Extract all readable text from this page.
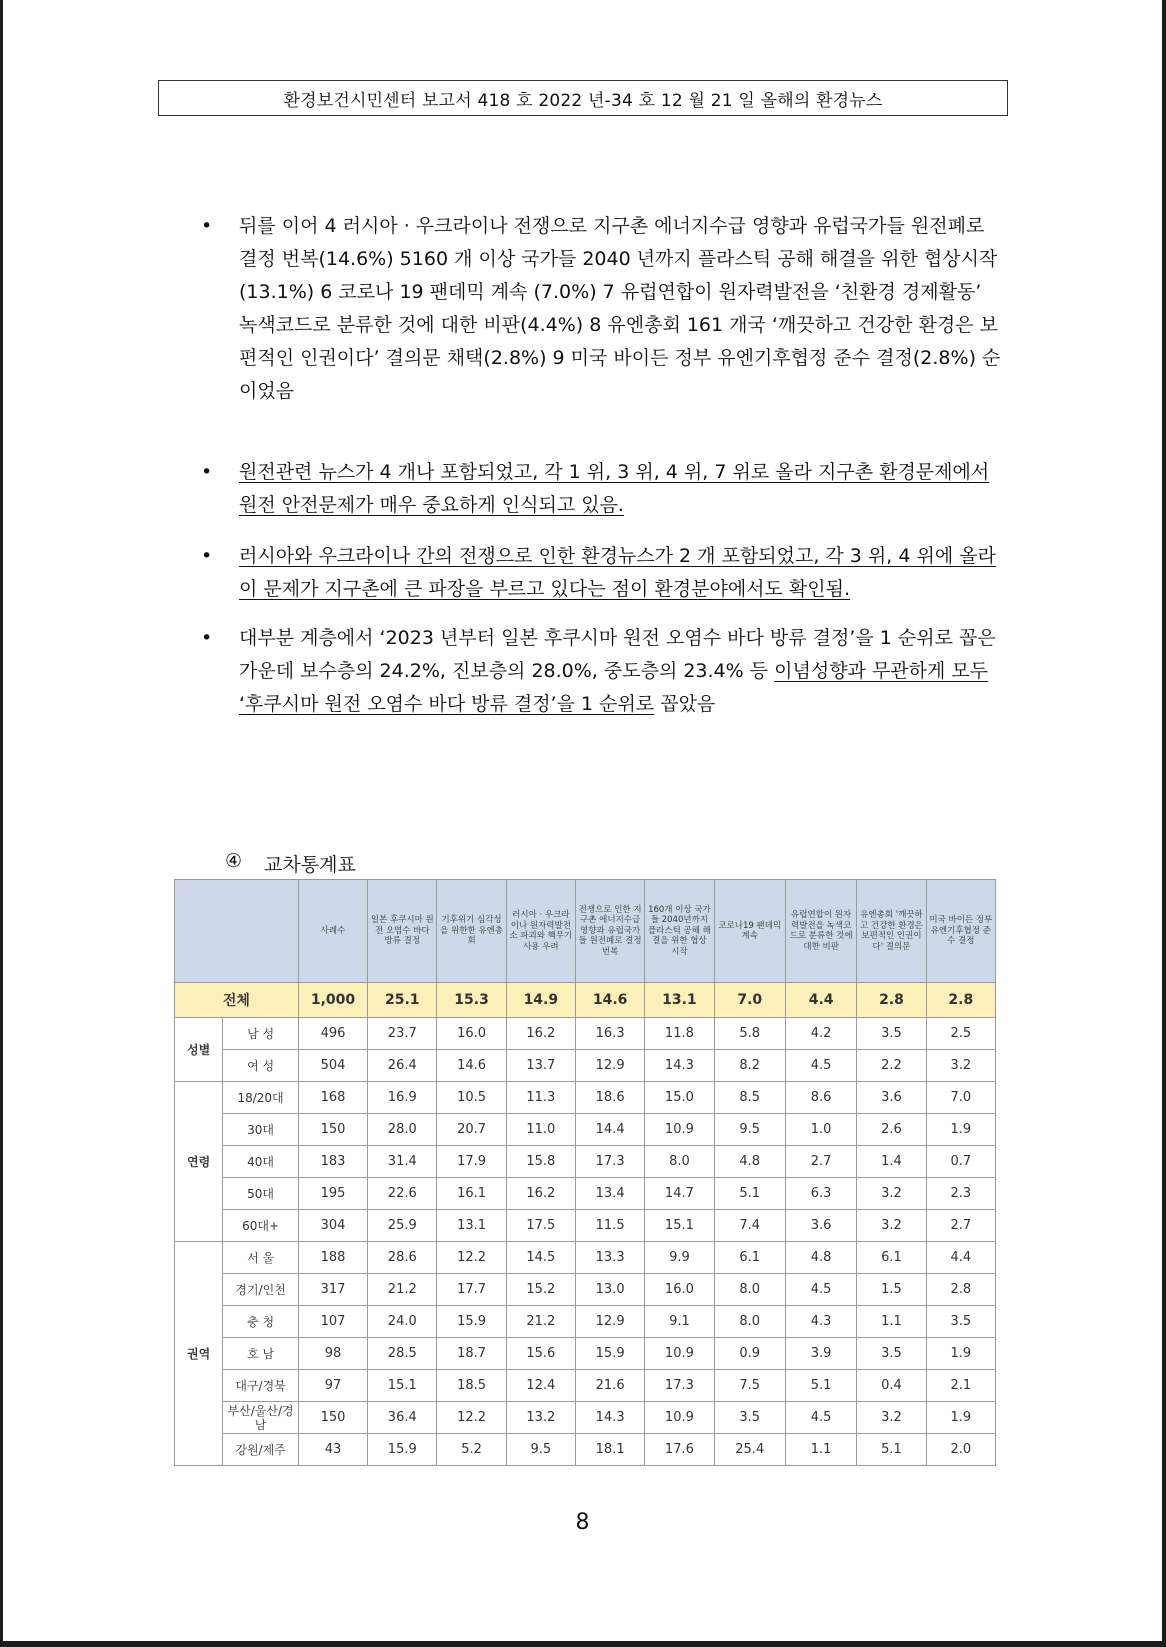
환경보건시민센터 보고서 418 호 2022 년-34 호 12 월 21 일 올해의 환경뉴스
• 뒤를 이어 4 러시아 · 우크라이나 전쟁으로 지구촌 에너지수급 영향과 유럽국가들 원전폐로 결정 번복(14.6%) 5160 개 이상 국가들 2040 년까지 플라스틱 공해 해결을 위한 협상시작(13.1%) 6 코로나 19 팬데믹 계속 (7.0%) 7 유럽연합이 원자력발전을 ‘친환경 경제활동’ 녹색코드로 분류한 것에 대한 비판(4.4%) 8 유엔총회 161 개국 ‘깨끗하고 건강한 환경은 보편적인 인권이다’ 결의문 채택(2.8%) 9 미국 바이든 정부 유엔기후협정 준수 결정(2.8%) 순이었음
• 원전관련 뉴스가 4 개나 포함되었고, 각 1 위, 3 위, 4 위, 7 위로 올라 지구촌 환경문제에서 원전 안전문제가 매우 중요하게 인식되고 있음.
• 러시아와 우크라이나 간의 전쟁으로 인한 환경뉴스가 2 개 포함되었고, 각 3 위, 4 위에 올라 이 문제가 지구촌에 큰 파장을 부르고 있다는 점이 환경분야에서도 확인됨.
• 대부분 계층에서 ‘2023 년부터 일본 후쿠시마 원전 오염수 바다 방류 결정’을 1 순위로 꼽은 가운데 보수층의 24.2%, 진보층의 28.0%, 중도층의 23.4% 등 이념성향과 무관하게 모두 ‘후쿠시마 원전 오염수 바다 방류 결정’을 1 순위로 꼽았음
④ 교차통계표

		사례수	일본 후쿠시마 원전 오염수 바다 방류 결정	기후위기 심각성을 위한한 유엔총회	러시아 · 우크라이나 원자력발전소 파괴와 핵무기사용 우려	전쟁으로 인한 지구촌 에너지수급 영향과 유럽국가들 원전폐로 결정 번복	160개 이상 국가들 2040년까지 플라스틱 공해 해결을 위한 협상 시작	코로나19 팬데믹 계속	유럽연합이 원자력발전을 녹색코드로 분류한 것에 대한 비판	유엔총회 '깨끗하고 건강한 환경은 보편적인 인권이다' 결의문	미국 바이든 정부 유엔기후협정 준수 결정

전체		1,000	25.1	15.3	14.9	14.6	13.1	7.0	4.4	2.8	2.8
성별	남 성	496	23.7	16.0	16.2	16.3	11.8	5.8	4.2	3.5	2.5
	여 성	504	26.4	14.6	13.7	12.9	14.3	8.2	4.5	2.2	3.2
연령	18/20대	168	16.9	10.5	11.3	18.6	15.0	8.5	8.6	3.6	7.0
	30대	150	28.0	20.7	11.0	14.4	10.9	9.5	1.0	2.6	1.9
	40대	183	31.4	17.9	15.8	17.3	8.0	4.8	2.7	1.4	0.7
	50대	195	22.6	16.1	16.2	13.4	14.7	5.1	6.3	3.2	2.3
	60대+	304	25.9	13.1	17.5	11.5	15.1	7.4	3.6	3.2	2.7
권역	서 울	188	28.6	12.2	14.5	13.3	9.9	6.1	4.8	6.1	4.4
	경기/인천	317	21.2	17.7	15.2	13.0	16.0	8.0	4.5	1.5	2.8
	충 청	107	24.0	15.9	21.2	12.9	9.1	8.0	4.3	1.1	3.5
	호 남	98	28.5	18.7	15.6	15.9	10.9	0.9	3.9	3.5	1.9
	대구/경북	97	15.1	18.5	12.4	21.6	17.3	7.5	5.1	0.4	2.1
	부산/울산/경남	150	36.4	12.2	13.2	14.3	10.9	3.5	4.5	3.2	1.9
	강원/제주	43	15.9	5.2	9.5	18.1	17.6	25.4	1.1	5.1	2.0
8
